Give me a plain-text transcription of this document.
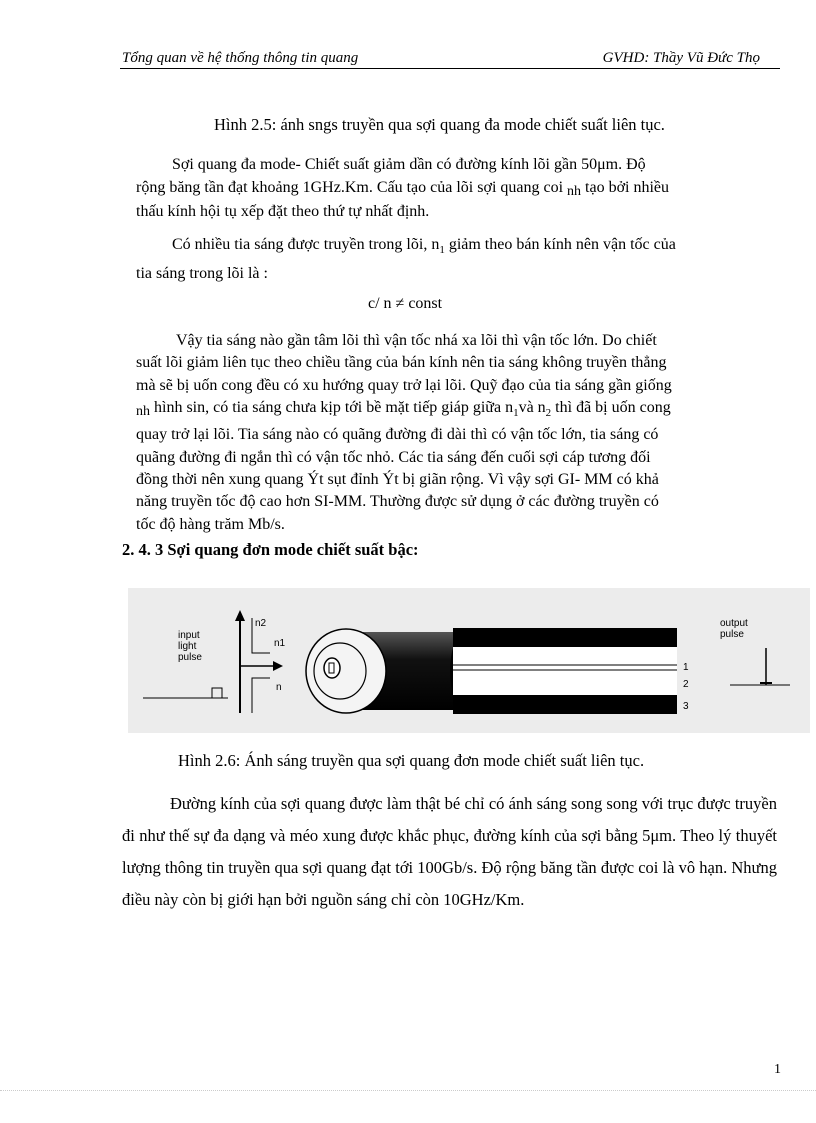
Tổng quan về hệ thống thông tin quang	GVHD: Thầy Vũ Đức Thọ
Hình 2.5: ánh sngs truyền qua sợi quang đa mode chiết suất liên tục.
Sợi quang đa mode- Chiết suất giảm dần có đường kính lõi gần 50μm. Độ
rộng băng tần đạt khoảng 1GHz.Km. Cấu tạo của lõi sợi quang coi nh tạo bởi nhiều
thấu kính hội tụ xếp đặt theo thứ tự nhất định.
Có nhiều tia sáng được truyền trong lõi, $n_1$ giảm theo bán kính nên vận tốc của
tia sáng trong lõi là :
c/ n ≠ const
Vậy tia sáng nào gần tâm lõi thì vận tốc nhá xa lõi thì vận tốc lớn. Do chiết
suất lõi giảm liên tục theo chiều tầng của bán kính nên tia sáng không truyền thẳng
mà sẽ bị uốn cong đều có xu hướng quay trở lại lõi. Quỹ đạo của tia sáng gần giống
nh hình sin, có tia sáng chưa kịp tới bề mặt tiếp giáp giữa $n_1và$ $n_2$ thì đã bị uốn cong
quay trở lại lõi. Tia sáng nào có quãng đường đi dài thì có vận tốc lớn, tia sáng có
quãng đường đi ngắn thì có vận tốc nhỏ. Các tia sáng đến cuối sợi cáp tương đối
đồng thời nên xung quang Ýt sụt đỉnh Ýt bị giãn rộng. Vì vậy sợi GI- MM có khả
năng truyền tốc độ cao hơn SI-MM. Thường được sử dụng ở các đường truyền có
tốc độ hàng trăm Mb/s.
2. 4. 3 Sợi quang đơn mode chiết suất bậc:
input
light
pulse
n2
n1
n
1
2
3
output
pulse
Hình 2.6: Ánh sáng truyền qua sợi quang đơn mode chiết suất liên tục.
Đường kính của sợi quang được làm thật bé chỉ có ánh sáng song song với trục được truyền đi như thế sự đa dạng và méo xung được khắc phục, đường kính của sợi bằng 5μm. Theo lý thuyết lượng thông tin truyền qua sợi quang đạt tới 100Gb/s. Độ rộng băng tần được coi là vô hạn. Nhưng điều này còn bị giới hạn bởi nguồn sáng chỉ còn 10GHz/Km.
1
